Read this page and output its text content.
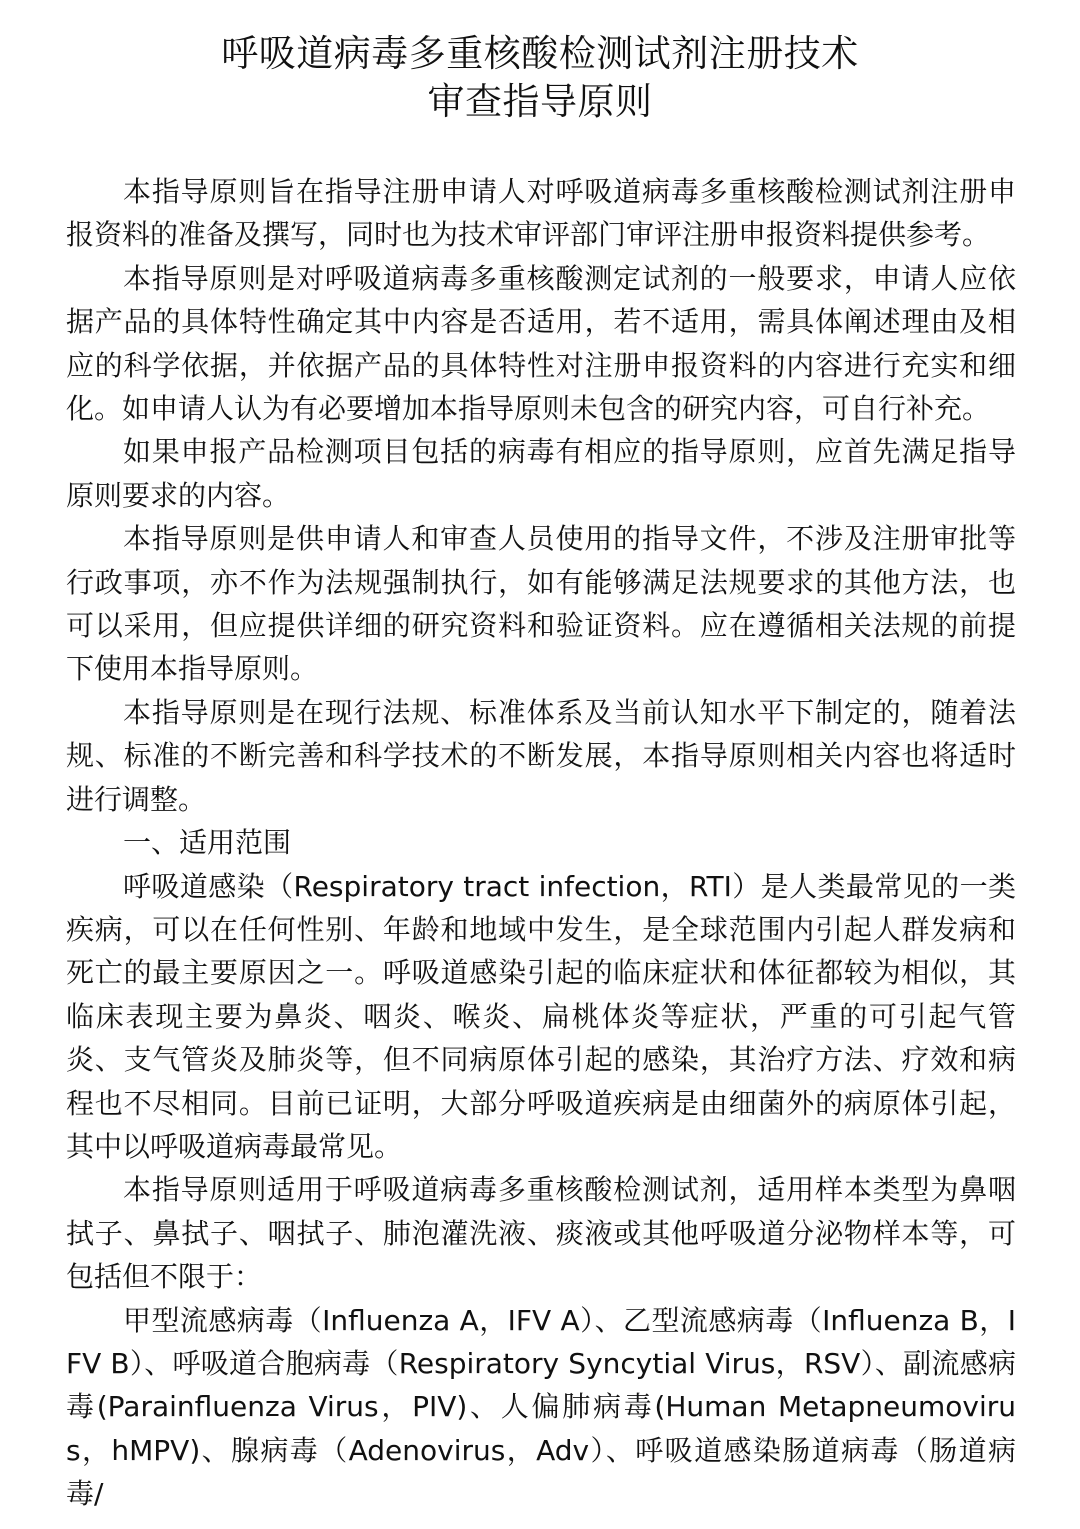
呼吸道病毒多重核酸检测试剂注册技术
审查指导原则

本指导原则旨在指导注册申请人对呼吸道病毒多重核酸检测试剂注册申报资料的准备及撰写，同时也为技术审评部门审评注册申报资料提供参考。

本指导原则是对呼吸道病毒多重核酸测定试剂的一般要求，申请人应依据产品的具体特性确定其中内容是否适用，若不适用，需具体阐述理由及相应的科学依据，并依据产品的具体特性对注册申报资料的内容进行充实和细化。如申请人认为有必要增加本指导原则未包含的研究内容，可自行补充。

如果申报产品检测项目包括的病毒有相应的指导原则，应首先满足指导原则要求的内容。

本指导原则是供申请人和审查人员使用的指导文件，不涉及注册审批等行政事项，亦不作为法规强制执行，如有能够满足法规要求的其他方法，也可以采用，但应提供详细的研究资料和验证资料。应在遵循相关法规的前提下使用本指导原则。

本指导原则是在现行法规、标准体系及当前认知水平下制定的，随着法规、标准的不断完善和科学技术的不断发展，本指导原则相关内容也将适时进行调整。

一、适用范围

呼吸道感染（Respiratory tract infection，RTI）是人类最常见的一类疾病，可以在任何性别、年龄和地域中发生，是全球范围内引起人群发病和死亡的最主要原因之一。呼吸道感染引起的临床症状和体征都较为相似，其临床表现主要为鼻炎、咽炎、喉炎、扁桃体炎等症状，严重的可引起气管炎、支气管炎及肺炎等，但不同病原体引起的感染，其治疗方法、疗效和病程也不尽相同。目前已证明，大部分呼吸道疾病是由细菌外的病原体引起，其中以呼吸道病毒最常见。

本指导原则适用于呼吸道病毒多重核酸检测试剂，适用样本类型为鼻咽拭子、鼻拭子、咽拭子、肺泡灌洗液、痰液或其他呼吸道分泌物样本等，可包括但不限于：

甲型流感病毒（Influenza A，IFV A）、乙型流感病毒（Influenza B，IFV B）、呼吸道合胞病毒（Respiratory Syncytial Virus，RSV）、副流感病毒(Parainfluenza Virus，PIV)、人偏肺病毒(Human Metapneumovirus，hMPV)、腺病毒（Adenovirus，Adv）、呼吸道感染肠道病毒（肠道病毒/
